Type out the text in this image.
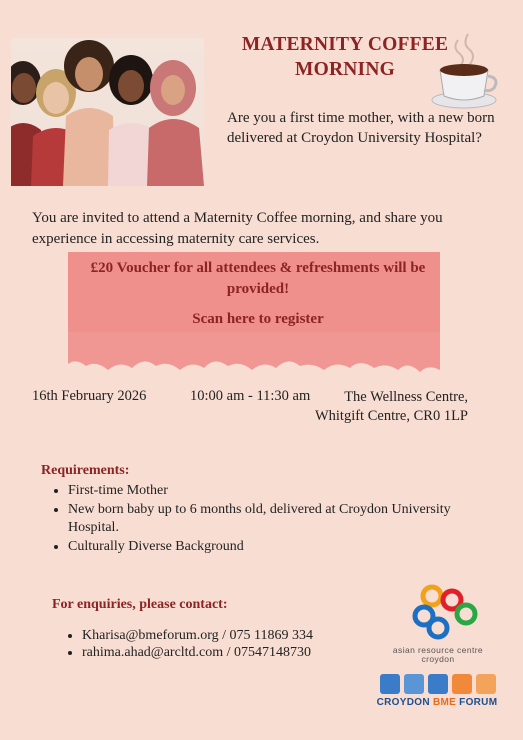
MATERNITY COFFEE MORNING
Are you a first time mother, with a new born delivered at Croydon University Hospital?
You are invited to attend a Maternity Coffee morning, and share you experience in accessing maternity care services.
£20 Voucher for all attendees & refreshments will be provided!
Scan here to register
16th February 2026	10:00 am - 11:30 am	The Wellness Centre,
Whitgift Centre, CR0 1LP
Requirements:
• First-time Mother
• New born baby up to 6 months old, delivered at Croydon University Hospital.
• Culturally Diverse Background
For enquiries, please contact:
• Kharisa@bmeforum.org / 075 11869 334
• rahima.ahad@arcltd.com / 07547148730	asian resource centre
croydon
CROYDON BME FORUM
